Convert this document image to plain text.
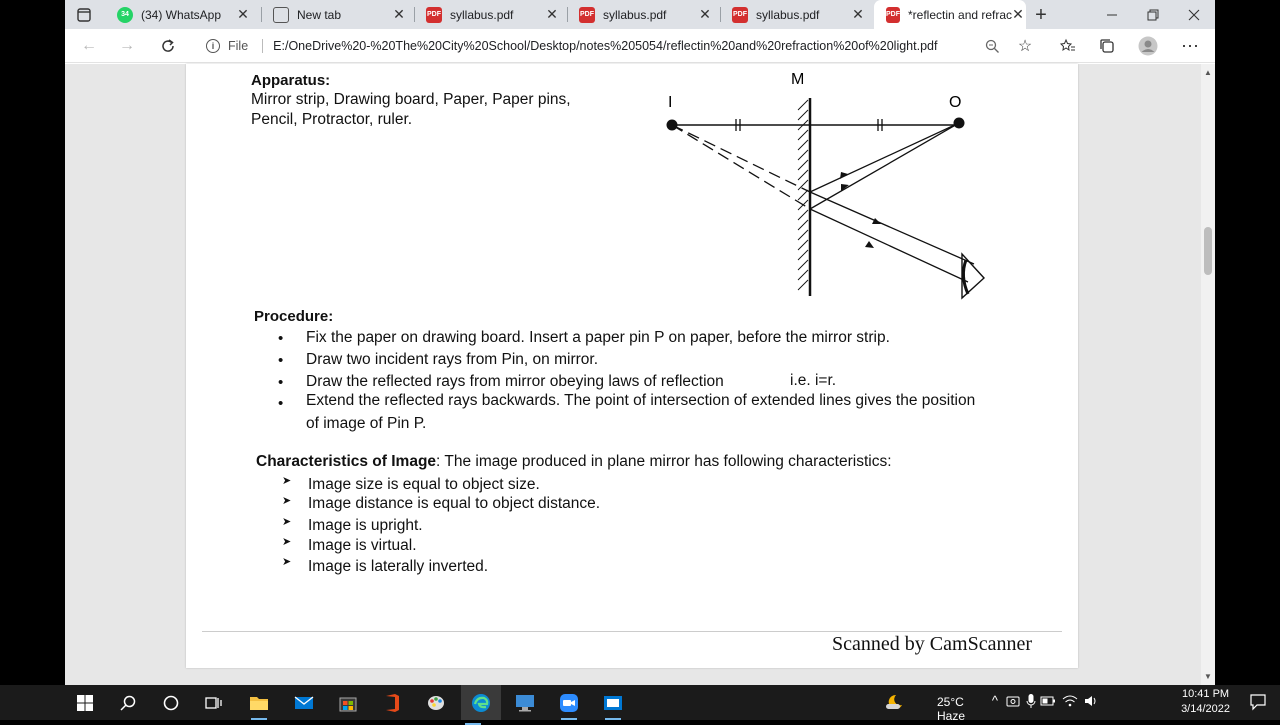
34	(34) WhatsApp	✕	New tab	✕	PDF syllabus.pdf	✕	PDF syllabus.pdf	✕	PDF syllabus.pdf	✕	PDF *reflectin and refrac ✕ +
← →	i	File E:/OneDrive%20-%20The%20City%20School/Desktop/notes%205054/reflectin%20and%20refraction%20of%20light.pdf	☆	⋯
Apparatus:
Mirror strip, Drawing board, Paper, Paper pins,
Pencil, Protractor, ruler.
M
I	O
Procedure:
• Fix the paper on drawing board. Insert a paper pin P on paper, before the mirror strip.
• Draw two incident rays from Pin, on mirror.
• Draw the reflected rays from mirror obeying laws of reflection	i.e. i=r.
• Extend the reflected rays backwards. The point of intersection of extended lines gives the position
of image of Pin P.
Characteristics of Image: The image produced in plane mirror has following characteristics:
➤ Image size is equal to object size.
➤ Image distance is equal to object distance.
➤ Image is upright.
➤ Image is virtual.
➤ Image is laterally inverted.
Scanned by CamScanner
▲
▼
25°C Haze
^	10:41 PM
3/14/2022
